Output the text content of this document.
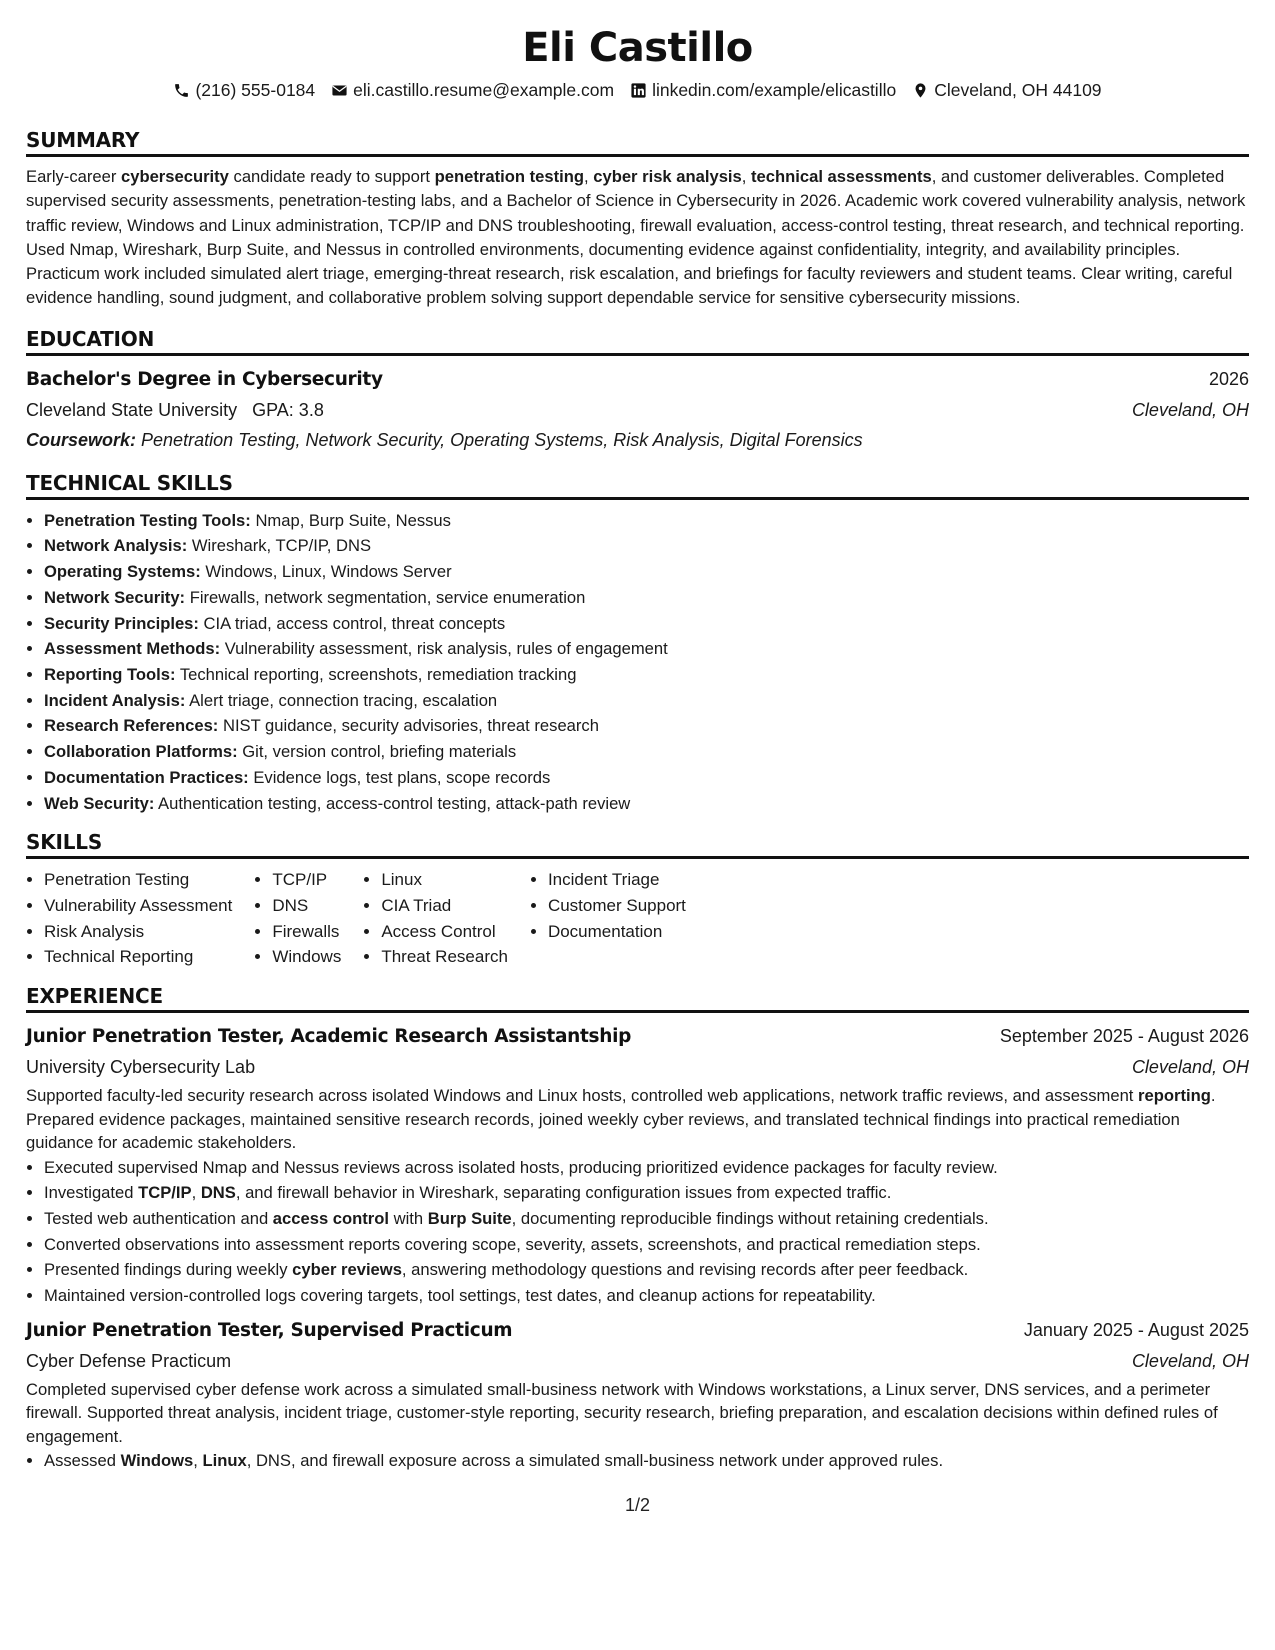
Eli Castillo
(216) 555-0184 eli.castillo.resume@example.com linkedin.com/example/elicastillo Cleveland, OH 44109
SUMMARY

Early-career cybersecurity candidate ready to support penetration testing, cyber risk analysis, technical assessments, and customer deliverables. Completed supervised security assessments, penetration-testing labs, and a Bachelor of Science in Cybersecurity in 2026. Academic work covered vulnerability analysis, network traffic review, Windows and Linux administration, TCP/IP and DNS troubleshooting, firewall evaluation, access-control testing, threat research, and technical reporting. Used Nmap, Wireshark, Burp Suite, and Nessus in controlled environments, documenting evidence against confidentiality, integrity, and availability principles. Practicum work included simulated alert triage, emerging-threat research, risk escalation, and briefings for faculty reviewers and student teams. Clear writing, careful evidence handling, sound judgment, and collaborative problem solving support dependable service for sensitive cybersecurity missions.

EDUCATION
Bachelor's Degree in Cybersecurity	2026
Cleveland State University GPA: 3.8	Cleveland, OH
Coursework: Penetration Testing, Network Security, Operating Systems, Risk Analysis, Digital Forensics
TECHNICAL SKILLS
• Penetration Testing Tools: Nmap, Burp Suite, Nessus
• Network Analysis: Wireshark, TCP/IP, DNS
• Operating Systems: Windows, Linux, Windows Server
• Network Security: Firewalls, network segmentation, service enumeration
• Security Principles: CIA triad, access control, threat concepts
• Assessment Methods: Vulnerability assessment, risk analysis, rules of engagement
• Reporting Tools: Technical reporting, screenshots, remediation tracking
• Incident Analysis: Alert triage, connection tracing, escalation
• Research References: NIST guidance, security advisories, threat research
• Collaboration Platforms: Git, version control, briefing materials
• Documentation Practices: Evidence logs, test plans, scope records
• Web Security: Authentication testing, access-control testing, attack-path review
SKILLS
• Penetration Testing
• Vulnerability Assessment
• Risk Analysis
• Technical Reporting
• TCP/IP
• DNS
• Firewalls
• Windows
• Linux
• CIA Triad
• Access Control
• Threat Research
• Incident Triage
• Customer Support
• Documentation
EXPERIENCE
Junior Penetration Tester, Academic Research Assistantship	September 2025 - August 2026
University Cybersecurity Lab	Cleveland, OH

Supported faculty-led security research across isolated Windows and Linux hosts, controlled web applications, network traffic reviews, and assessment reporting. Prepared evidence packages, maintained sensitive research records, joined weekly cyber reviews, and translated technical findings into practical remediation guidance for academic stakeholders.

• Executed supervised Nmap and Nessus reviews across isolated hosts, producing prioritized evidence packages for faculty review.
• Investigated TCP/IP, DNS, and firewall behavior in Wireshark, separating configuration issues from expected traffic.
• Tested web authentication and access control with Burp Suite, documenting reproducible findings without retaining credentials.
• Converted observations into assessment reports covering scope, severity, assets, screenshots, and practical remediation steps.
• Presented findings during weekly cyber reviews, answering methodology questions and revising records after peer feedback.
• Maintained version-controlled logs covering targets, tool settings, test dates, and cleanup actions for repeatability.
Junior Penetration Tester, Supervised Practicum	January 2025 - August 2025
Cyber Defense Practicum	Cleveland, OH

Completed supervised cyber defense work across a simulated small-business network with Windows workstations, a Linux server, DNS services, and a perimeter firewall. Supported threat analysis, incident triage, customer-style reporting, security research, briefing preparation, and escalation decisions within defined rules of engagement.

• Assessed Windows, Linux, DNS, and firewall exposure across a simulated small-business network under approved rules.
1/2
